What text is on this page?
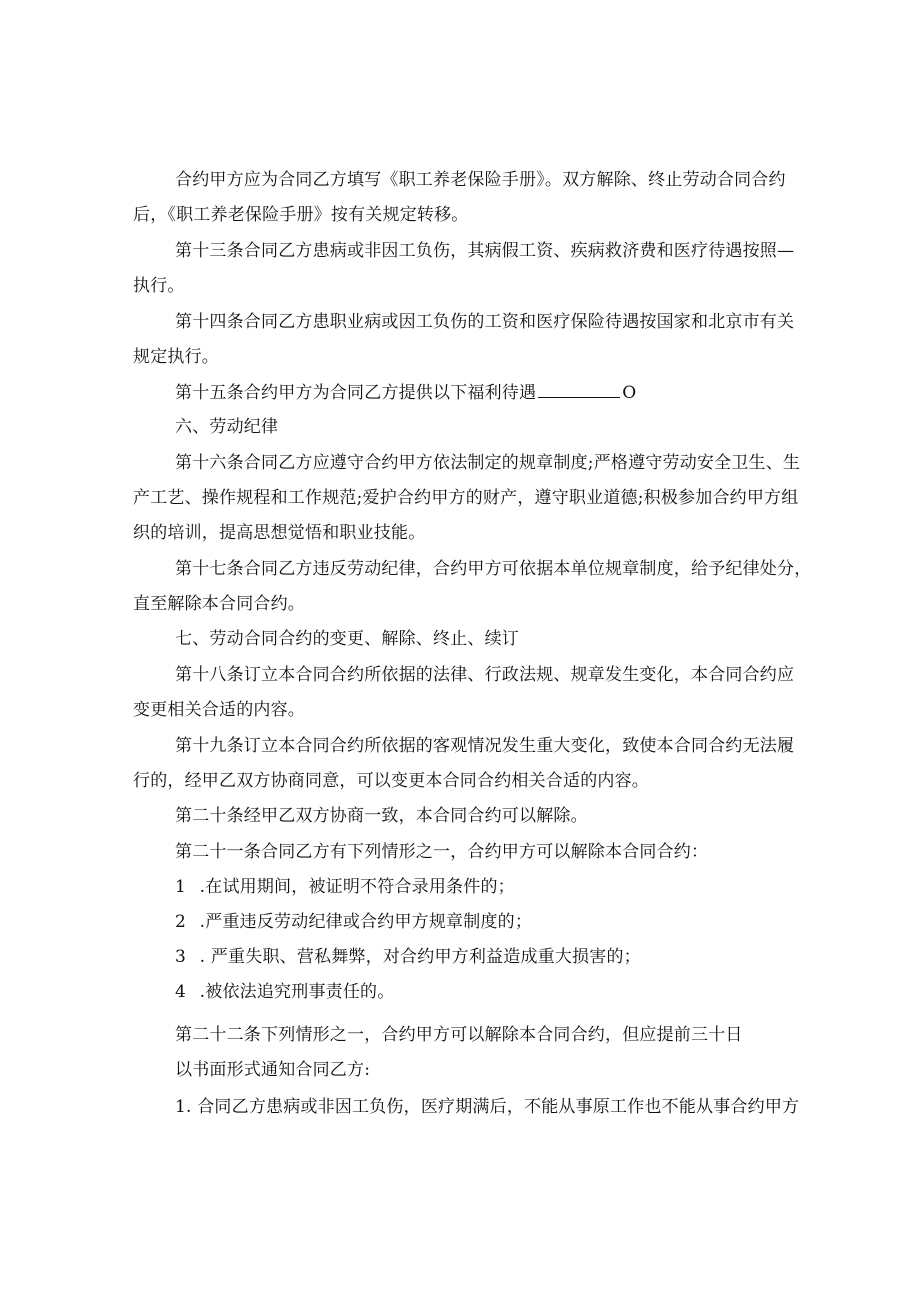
合约甲方应为合同乙方填写《职工养老保险手册》。双方解除、终止劳动合同合约
后，《职工养老保险手册》按有关规定转移。
第十三条合同乙方患病或非因工负伤，其病假工资、疾病救济费和医疗待遇按照—
执行。
第十四条合同乙方患职业病或因工负伤的工资和医疗保险待遇按国家和北京市有关
规定执行。
第十五条合约甲方为合同乙方提供以下福利待遇	O
六、劳动纪律
第十六条合同乙方应遵守合约甲方依法制定的规章制度;严格遵守劳动安全卫生、生
产工艺、操作规程和工作规范;爱护合约甲方的财产，遵守职业道德;积极参加合约甲方组
织的培训，提高思想觉悟和职业技能。
第十七条合同乙方违反劳动纪律，合约甲方可依据本单位规章制度，给予纪律处分，
直至解除本合同合约。
七、劳动合同合约的变更、解除、终止、续订
第十八条订立本合同合约所依据的法律、行政法规、规章发生变化，本合同合约应
变更相关合适的内容。
第十九条订立本合同合约所依据的客观情况发生重大变化，致使本合同合约无法履
行的，经甲乙双方协商同意，可以变更本合同合约相关合适的内容。
第二十条经甲乙双方协商一致，本合同合约可以解除。
第二十一条合同乙方有下列情形之一，合约甲方可以解除本合同合约：
1 .在试用期间，被证明不符合录用条件的；
2 .严重违反劳动纪律或合约甲方规章制度的；
3 . 严重失职、营私舞弊，对合约甲方利益造成重大损害的；
4 .被依法追究刑事责任的。
第二十二条下列情形之一，合约甲方可以解除本合同合约，但应提前三十日
以书面形式通知合同乙方:
1. 合同乙方患病或非因工负伤，医疗期满后，不能从事原工作也不能从事合约甲方
